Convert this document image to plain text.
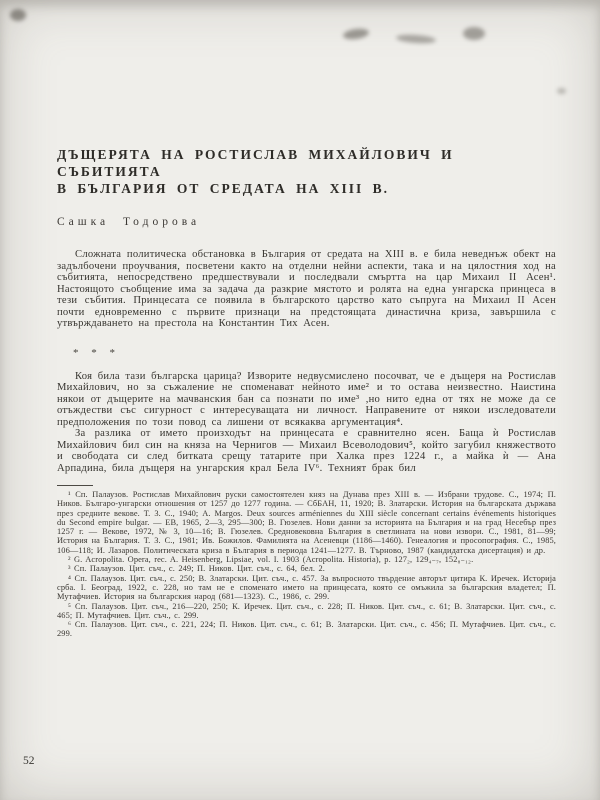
ДЪЩЕРЯТА НА РОСТИСЛАВ МИХАЙЛОВИЧ И СЪБИТИЯТА
В БЪЛГАРИЯ ОТ СРЕДАТА НА XIII В.
Сашка Тодорова

Сложната политическа обстановка в България от средата на XIII в. е била неведнъж обект на задълбочени проучвания, посветени както на отделни нейни аспекти, така и на цялостния ход на събитията, непосредствено предшествували и последвали смъртта на цар Михаил II Асен¹. Настоящото съобщение има за задача да разкрие мястото и ролята на една унгарска принцеса в тези събития. Принцесата се появила в българското царство като съпруга на Михаил II Асен почти едновременно с първите признаци на предстоящата династична криза, завършила с утвърждаването на престола на Константин Тих Асен.

* * *

Коя била тази българска царица? Изворите недвусмислено посочват, че е дъщеря на Ростислав Михайлович, но за съжаление не споменават нейното име² и то остава неизвестно. Наистина някои от дъщерите на мачванския бан са познати по име³ ,но нито една от тях не може да се отъждестви със сигурност с интересуващата ни личност. Направените от някои изследователи предположения по този повод са лишени от всякаква аргументация⁴.

За разлика от името произходът на принцесата е сравнително ясен. Баща ѝ Ростислав Михайлович бил син на княза на Чернигов — Михаил Всеволодович⁵, който загубил княжеството и свободата си след битката срещу татарите при Халка през 1224 г., а майка ѝ — Ана Арпадина, била дъщеря на унгарския крал Бела IV⁶. Техният брак бил

¹ Сп. Палаузов. Ростислав Михайлович руски самостоятелен княз на Дунава през XIII в. — Избрани трудове. С., 1974; П. Ников. Българо-унгарски отношения от 1257 до 1277 година. — СбБАН, 11, 1920; В. Златарски. История на българската държава през средните векове. Т. 3. С., 1940; A. Margos. Deux sources arméniennes du XIII siècle concernant certains événements historiques du Second empire bulgar. — EB, 1965, 2—3, 295—300; В. Гюзелев. Нови данни за историята на България и на град Несебър през 1257 г. — Векове, 1972, № 3, 10—16; В. Гюзелев. Средновековна България в светлината на нови извори. С., 1981, 81—99; История на България. Т. 3. С., 1981; Ив. Божилов. Фамилията на Асеневци (1186—1460). Генеалогия и просопография. С., 1985, 106—118; И. Лазаров. Политическата криза в България в периода 1241—1277. В. Търново, 1987 (кандидатска дисертация) и др.

² G. Acropolita. Opera, rec. A. Heisenberg, Lipsiae, vol. I. 1903 (Acropolita. Historia), p. 127₂, 129₄₋₇, 152₈₋₁₂.

³ Сп. Палаузов. Цит. съч., с. 249; П. Ников. Цит. съч., с. 64, бел. 2.

⁴ Сп. Палаузов. Цит. съч., с. 250; В. Златарски. Цит. съч., с. 457. За въпросното твърдение авторът цитира К. Иречек. Историја срба. I. Београд, 1922, с. 228, но там не е споменато името на принцесата, която се омъжила за българския владетел; П. Мутафчиев. История на българския народ (681—1323). С., 1986, с. 299.

⁵ Сп. Палаузов. Цит. съч., 216—220, 250; К. Иречек. Цит. съч., с. 228; П. Ников. Цит. съч., с. 61; В. Златарски. Цит. съч., с. 465; П. Мутафчиев. Цит. съч., с. 299.

⁶ Сп. Палаузов. Цит. съч., с. 221, 224; П. Ников. Цит. съч., с. 61; В. Златарски. Цит. съч., с. 456; П. Мутафчиев. Цит. съч., с. 299.

52
